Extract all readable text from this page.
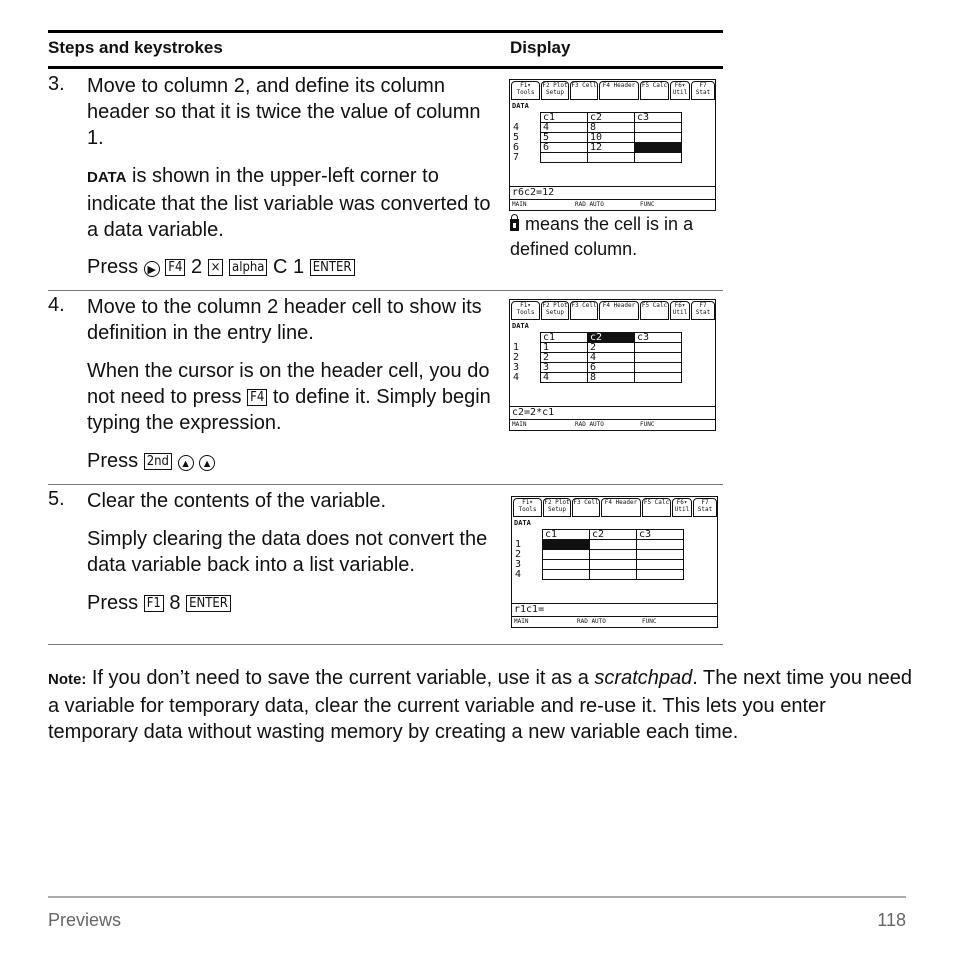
Steps and keystrokes	Display
3. Move to column 2, and define its column header so that it is twice the value of column 1.
DATA is shown in the upper-left corner to indicate that the list variable was converted to a data variable.
Press ▶ F4 2 × alpha C 1 ENTER
F1▾ Tools
F2 Plot Setup
F3 Cell	F4 Header	F5 Calc	F6▾ Util
F7 Stat
DATA
	c1	c2	c3
4	4	8	
5	5	10	
6	6	12	
7			
r6c2=12
MAIN	RAD AUTO	FUNC
means the cell is in a defined column.
4. Move to the column 2 header cell to show its definition in the entry line.
When the cursor is on the header cell, you do not need to press F4 to define it. Simply begin typing the expression.
Press 2nd ▲ ▲
F1▾ Tools
F2 Plot Setup
F3 Cell	F4 Header	F5 Calc	F6▾ Util
F7 Stat
DATA
	c1	c2	c3
1	1	2	
2	2	4	
3	3	6	
4	4	8	
c2=2*c1
MAIN	RAD AUTO	FUNC
5. Clear the contents of the variable.
Simply clearing the data does not convert the data variable back into a list variable.
Press F1 8 ENTER
F1▾ Tools
F2 Plot Setup
F3 Cell	F4 Header	F5 Calc	F6▾ Util
F7 Stat
DATA
	c1	c2	c3
1			
2			
3			
4			
r1c1=
MAIN	RAD AUTO	FUNC
Note: If you don’t need to save the current variable, use it as a scratchpad. The next time you need a variable for temporary data, clear the current variable and re-use it. This lets you enter temporary data without wasting memory by creating a new variable each time.
Previews	118
